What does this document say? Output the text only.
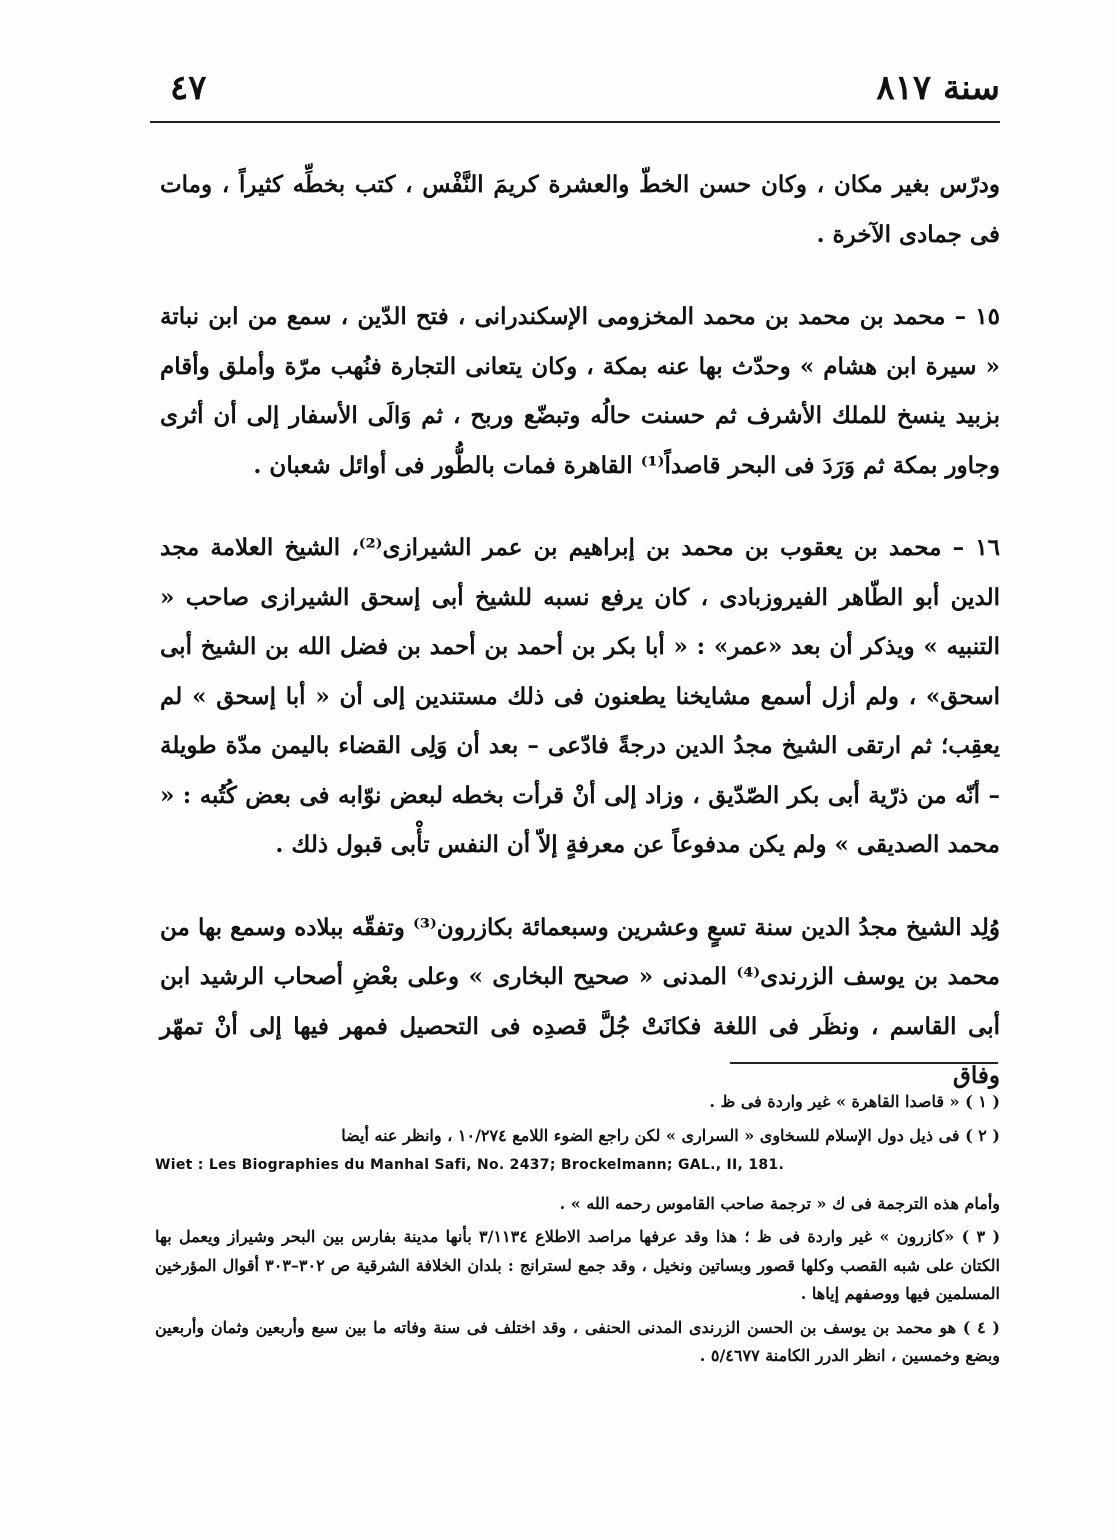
سنة ٨١٧
٤٧

ودرّس بغير مكان ، وكان حسن الخطّ والعشرة كريمَ النَّفْس ، كتب بخطِّه كثيراً ، ومات فى جمادى الآخرة .

١٥ – محمد بن محمد بن محمد المخزومى الإسكندرانى ، فتح الدّين ، سمع من ابن نباتة « سيرة ابن هشام » وحدّث بها عنه بمكة ، وكان يتعانى التجارة فنُهب مرّة وأملق وأقام بزبيد ينسخ للملك الأشرف ثم حسنت حالُه وتبضّع وربح ، ثم وَالَى الأسفار إلى أن أثرى وجاور بمكة ثم وَرَدَ فى البحر قاصداً⁽¹⁾ القاهرة فمات بالطُّور فى أوائل شعبان .

١٦ – محمد بن يعقوب بن محمد بن إبراهيم بن عمر الشيرازى⁽²⁾، الشيخ العلامة مجد الدين أبو الطّاهر الفيروزبادى ، كان يرفع نسبه للشيخ أبى إسحق الشيرازى صاحب « التنبيه » ويذكر أن بعد «عمر» : « أبا بكر بن أحمد بن أحمد بن فضل الله بن الشيخ أبى اسحق» ، ولم أزل أسمع مشايخنا يطعنون فى ذلك مستندين إلى أن « أبا إسحق » لم يعقِب؛ ثم ارتقى الشيخ مجدُ الدين درجةً فادّعى – بعد أن وَلِى القضاء باليمن مدّة طويلة – أنّه من ذرّية أبى بكر الصّدّيق ، وزاد إلى أنْ قرأت بخطه لبعض نوّابه فى بعض كُتُبه : « محمد الصديقى » ولم يكن مدفوعاً عن معرفةٍ إلاّ أن النفس تأْبى قبول ذلك .

وُلِد الشيخ مجدُ الدين سنة تسعٍ وعشرين وسبعمائة بكازرون⁽³⁾ وتفقّه ببلاده وسمع بها من محمد بن يوسف الزرندى⁽⁴⁾ المدنى « صحيح البخارى » وعلى بعْضِ أصحاب الرشيد ابن أبى القاسم ، ونظَر فى اللغة فكانَتْ جُلَّ قصدِه فى التحصيل فمهر فيها إلى أنْ تمهّر وفاق

( ١ ) « قاصدا القاهرة » غير واردة فى ظ .

( ٢ ) فى ذيل دول الإسلام للسخاوى « السرارى » لكن راجع الضوء اللامع ١٠/٢٧٤ ، وانظر عنه أيضا

Wiet : Les Biographies du Manhal Safi, No. 2437; Brockelmann; GAL., II, 181.

وأمام هذه الترجمة فى ك « ترجمة صاحب القاموس رحمه الله » .

( ٣ ) «كازرون » غير واردة فى ظ ؛ هذا وقد عرفها مراصد الاطلاع ٣/١١٣٤ بأنها مدينة بفارس بين البحر وشيراز ويعمل بها الكتان على شبه القصب وكلها قصور وبساتين ونخيل ، وقد جمع لسترانج : بلدان الخلافة الشرقية ص ٣٠٢–٣٠٣ أقوال المؤرخين المسلمين فيها ووصفهم إياها .

( ٤ ) هو محمد بن يوسف بن الحسن الزرندى المدنى الحنفى ، وقد اختلف فى سنة وفاته ما بين سبع وأربعين وثمان وأربعين وبضع وخمسين ، انظر الدرر الكامنة ٥/٤٦٧٧ .
